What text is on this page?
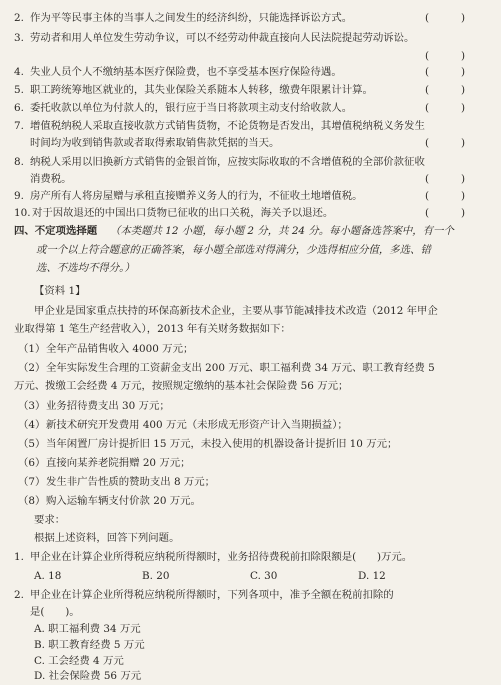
2. 作为平等民事主体的当事人之间发生的经济纠纷，只能选择诉讼方式。	(	)
3. 劳动者和用人单位发生劳动争议，可以不经劳动仲裁直接向人民法院提起劳动诉讼。
(	)
4. 失业人员个人不缴纳基本医疗保险费，也不享受基本医疗保险待遇。	(	)
5. 职工跨统筹地区就业的，其失业保险关系随本人转移，缴费年限累计计算。	(	)
6. 委托收款以单位为付款人的，银行应于当日将款项主动支付给收款人。	(	)
7. 增值税纳税人采取直接收款方式销售货物，不论货物是否发出，其增值税纳税义务发生
时间均为收到销售款或者取得索取销售款凭据的当天。	(	)
8. 纳税人采用以旧换新方式销售的金银首饰，应按实际收取的不含增值税的全部价款征收
消费税。	(	)
9. 房产所有人将房屋赠与承租直接赠养义务人的行为，不征收土地增值税。	(	)
10. 对于因故退还的中国出口货物已征收的出口关税，海关予以退还。	(	)
四、不定项选择题 （本类题共 12 小题，每小题 2 分，共 24 分。每小题备选答案中，有一个
或一个以上符合题意的正确答案，每小题全部选对得满分，少选得相应分值，多选、错
选、不选均不得分。）
【资料 1】
甲企业是国家重点扶持的环保高新技术企业，主要从事节能减排技术改造（2012 年甲企
业取得第 1 笔生产经营收入），2013 年有关财务数据如下：
（1） 全年产品销售收入 4000 万元；
（2） 全年实际发生合理的工资薪金支出 200 万元、职工福利费 34 万元、职工教育经费 5
万元、拨缴工会经费 4 万元，按照规定缴纳的基本社会保险费 56 万元；
（3） 业务招待费支出 30 万元；
（4） 新技术研究开发费用 400 万元（未形成无形资产计入当期损益）；
（5） 当年闲置厂房计提折旧 15 万元，未投入使用的机器设备计提折旧 10 万元；
（6） 直接向某养老院捐赠 20 万元；
（7） 发生非广告性质的赞助支出 8 万元；
（8） 购入运输车辆支付价款 20 万元。
要求：
根据上述资料，回答下列问题。
1. 甲企业在计算企业所得税应纳税所得额时，业务招待费税前扣除限额是(　　)万元。
A. 18	B. 20	C. 30	D. 12
2. 甲企业在计算企业所得税应纳税所得额时，下列各项中，准予全额在税前扣除的
是(　　)。
A. 职工福利费 34 万元
B. 职工教育经费 5 万元
C. 工会经费 4 万元
D. 社会保险费 56 万元
